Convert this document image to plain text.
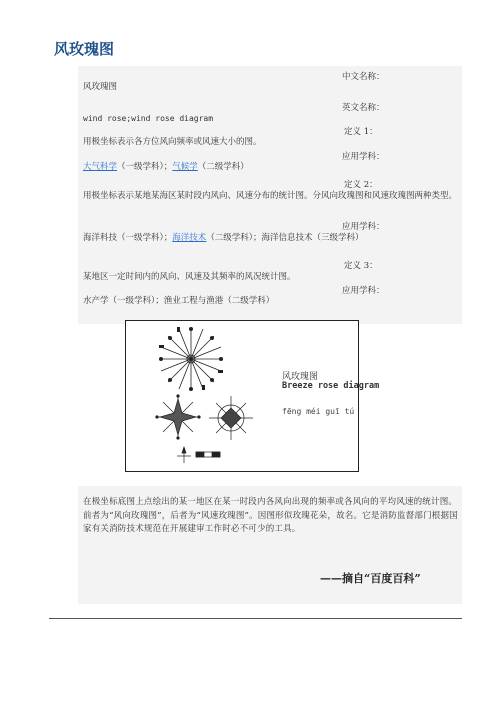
风玫瑰图
中文名称：
风玫瑰图
英文名称：
wind rose;wind rose diagram
定义 1：
用极坐标表示各方位风向频率或风速大小的图。
应用学科：
大气科学（一级学科）；气候学（二级学科）
定义 2：
用极坐标表示某地某海区某时段内风向、风速分布的统计图。分风向玫瑰图和风速玫瑰图两种类型。
应用学科：
海洋科技（一级学科）；海洋技术（二级学科）；海洋信息技术（三级学科）
定义 3：
某地区一定时间内的风向、风速及其频率的风况统计图。
应用学科：
水产学（一级学科）；渔业工程与渔港（二级学科）
风玫瑰图
Breeze rose diagram
fēng méi guī tú
在极坐标底图上点绘出的某一地区在某一时段内各风向出现的频率或各风向的平均风速的统计图。前者为“风向玫瑰图”，后者为“风速玫瑰图”。因图形似玫瑰花朵，故名。它是消防监督部门根据国家有关消防技术规范在开展建审工作时必不可少的工具。
——摘自“百度百科”
